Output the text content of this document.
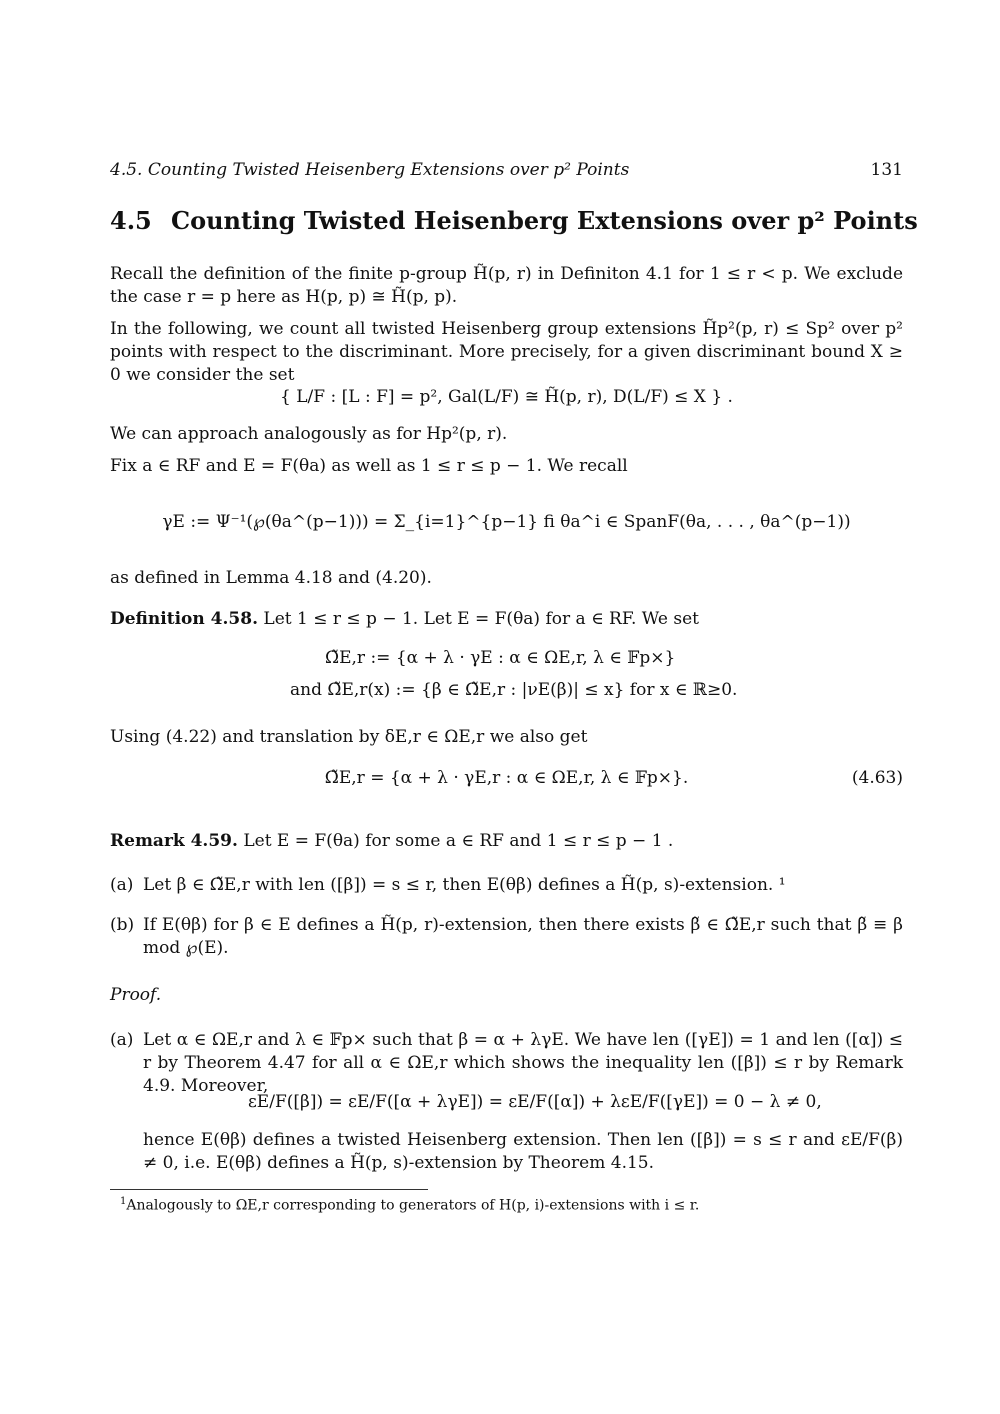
4.5. Counting Twisted Heisenberg Extensions over p² Points	131
4.5 Counting Twisted Heisenberg Extensions over p² Points
Recall the definition of the finite p-group H̃(p, r) in Definiton 4.1 for 1 ≤ r < p. We exclude the case r = p here as H(p, p) ≅ H̃(p, p).
In the following, we count all twisted Heisenberg group extensions H̃p²(p, r) ≤ Sp² over p² points with respect to the discriminant. More precisely, for a given discriminant bound X ≥ 0 we consider the set
{ L/F : [L : F] = p², Gal(L/F) ≅ H̃(p, r), D(L/F) ≤ X } .
We can approach analogously as for Hp²(p, r).
Fix a ∈ RF and E = F(θa) as well as 1 ≤ r ≤ p − 1. We recall
γE := Ψ⁻¹(℘(θa^(p−1))) = Σ_{i=1}^{p−1} fi θa^i ∈ SpanF(θa, . . . , θa^(p−1))
as defined in Lemma 4.18 and (4.20).
Definition 4.58. Let 1 ≤ r ≤ p − 1. Let E = F(θa) for a ∈ RF. We set
Ω̃E,r := {α + λ · γE : α ∈ ΩE,r, λ ∈ 𝔽p×}
and Ω̃E,r(x) := {β ∈ Ω̃E,r : |νE(β)| ≤ x} for x ∈ ℝ≥0.
Using (4.22) and translation by δE,r ∈ ΩE,r we also get
Ω̃E,r = {α + λ · γE,r : α ∈ ΩE,r, λ ∈ 𝔽p×}.	(4.63)
Remark 4.59. Let E = F(θa) for some a ∈ RF and 1 ≤ r ≤ p − 1 .
(a) Let β ∈ Ω̃E,r with len ([β]) = s ≤ r, then E(θβ) defines a H̃(p, s)-extension. ¹
(b) If E(θβ) for β ∈ E defines a H̃(p, r)-extension, then there exists β̃ ∈ Ω̃E,r such that β̃ ≡ β mod ℘(E).
Proof.
(a) Let α ∈ ΩE,r and λ ∈ 𝔽p× such that β = α + λγE. We have len ([γE]) = 1 and len ([α]) ≤ r by Theorem 4.47 for all α ∈ ΩE,r which shows the inequality len ([β]) ≤ r by Remark 4.9. Moreover,
εE/F([β]) = εE/F([α + λγE]) = εE/F([α]) + λεE/F([γE]) = 0 − λ ≠ 0,
hence E(θβ) defines a twisted Heisenberg extension. Then len ([β]) = s ≤ r and εE/F(β) ≠ 0, i.e. E(θβ) defines a H̃(p, s)-extension by Theorem 4.15.
$^1$Analogously to ΩE,r corresponding to generators of H(p, i)-extensions with i ≤ r.
